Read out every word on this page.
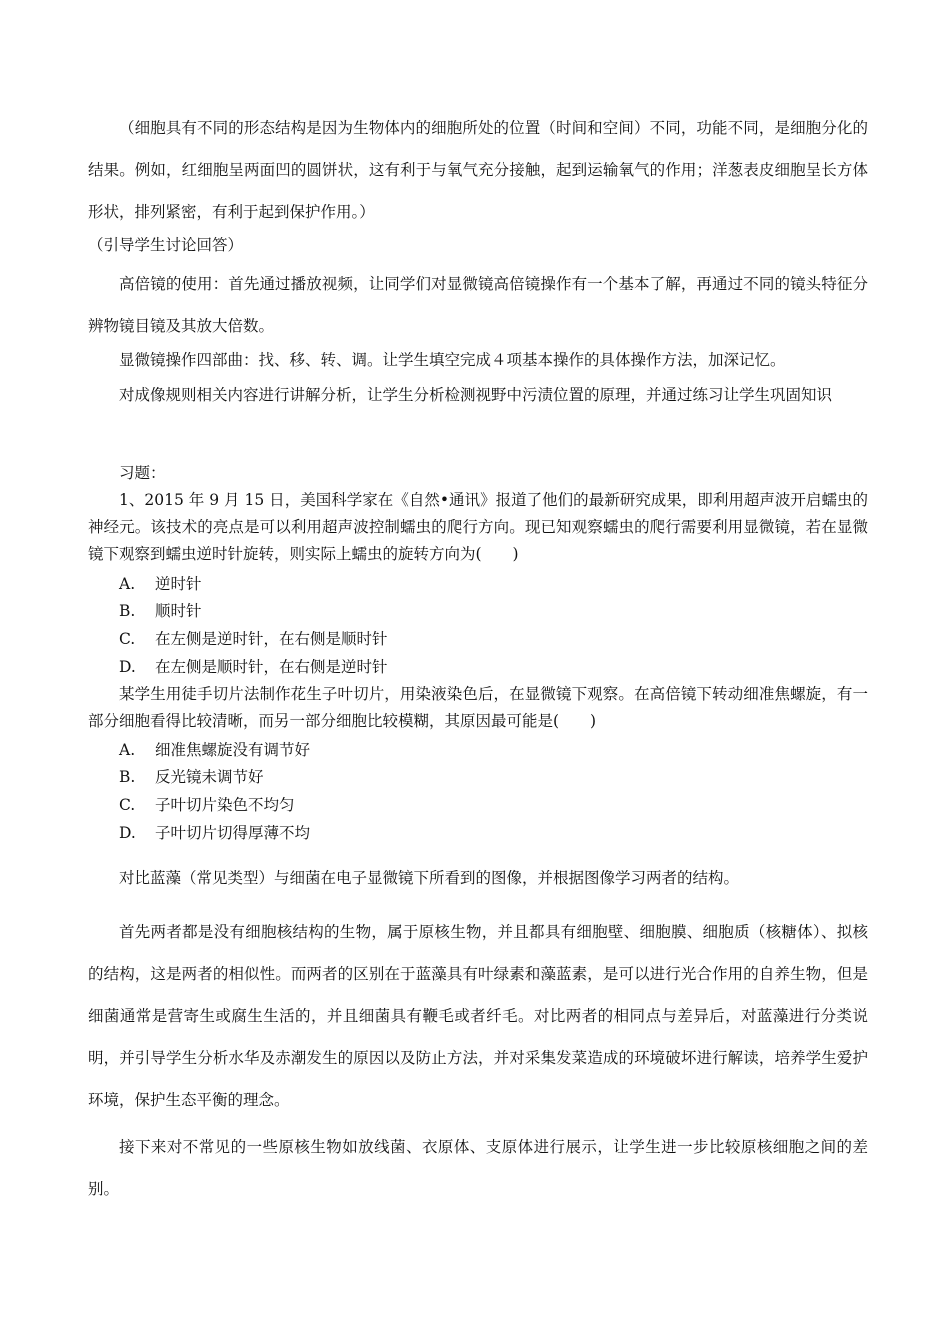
（细胞具有不同的形态结构是因为生物体内的细胞所处的位置（时间和空间）不同，功能不同，是细胞分化的结果。例如，红细胞呈两面凹的圆饼状，这有利于与氧气充分接触，起到运输氧气的作用；洋葱表皮细胞呈长方体形状，排列紧密，有利于起到保护作用。）

（引导学生讨论回答）

高倍镜的使用：首先通过播放视频，让同学们对显微镜高倍镜操作有一个基本了解，再通过不同的镜头特征分辨物镜目镜及其放大倍数。

显微镜操作四部曲：找、移、转、调。让学生填空完成４项基本操作的具体操作方法，加深记忆。

对成像规则相关内容进行讲解分析，让学生分析检测视野中污渍位置的原理，并通过练习让学生巩固知识

习题：

1、2015 年 9 月 15 日，美国科学家在《自然•通讯》报道了他们的最新研究成果，即利用超声波开启蠕虫的神经元。该技术的亮点是可以利用超声波控制蠕虫的爬行方向。现已知观察蠕虫的爬行需要利用显微镜，若在显微镜下观察到蠕虫逆时针旋转，则实际上蠕虫的旋转方向为(　　)

A. 逆时针

B. 顺时针

C. 在左侧是逆时针，在右侧是顺时针

D. 在左侧是顺时针，在右侧是逆时针

某学生用徒手切片法制作花生子叶切片，用染液染色后，在显微镜下观察。在高倍镜下转动细准焦螺旋，有一部分细胞看得比较清晰，而另一部分细胞比较模糊，其原因最可能是(　　)

A. 细准焦螺旋没有调节好

B. 反光镜未调节好

C. 子叶切片染色不均匀

D. 子叶切片切得厚薄不均

对比蓝藻（常见类型）与细菌在电子显微镜下所看到的图像，并根据图像学习两者的结构。

首先两者都是没有细胞核结构的生物，属于原核生物，并且都具有细胞壁、细胞膜、细胞质（核糖体）、拟核的结构，这是两者的相似性。而两者的区别在于蓝藻具有叶绿素和藻蓝素，是可以进行光合作用的自养生物，但是细菌通常是营寄生或腐生生活的，并且细菌具有鞭毛或者纤毛。对比两者的相同点与差异后，对蓝藻进行分类说明，并引导学生分析水华及赤潮发生的原因以及防止方法，并对采集发菜造成的环境破坏进行解读，培养学生爱护环境，保护生态平衡的理念。

接下来对不常见的一些原核生物如放线菌、衣原体、支原体进行展示，让学生进一步比较原核细胞之间的差别。
